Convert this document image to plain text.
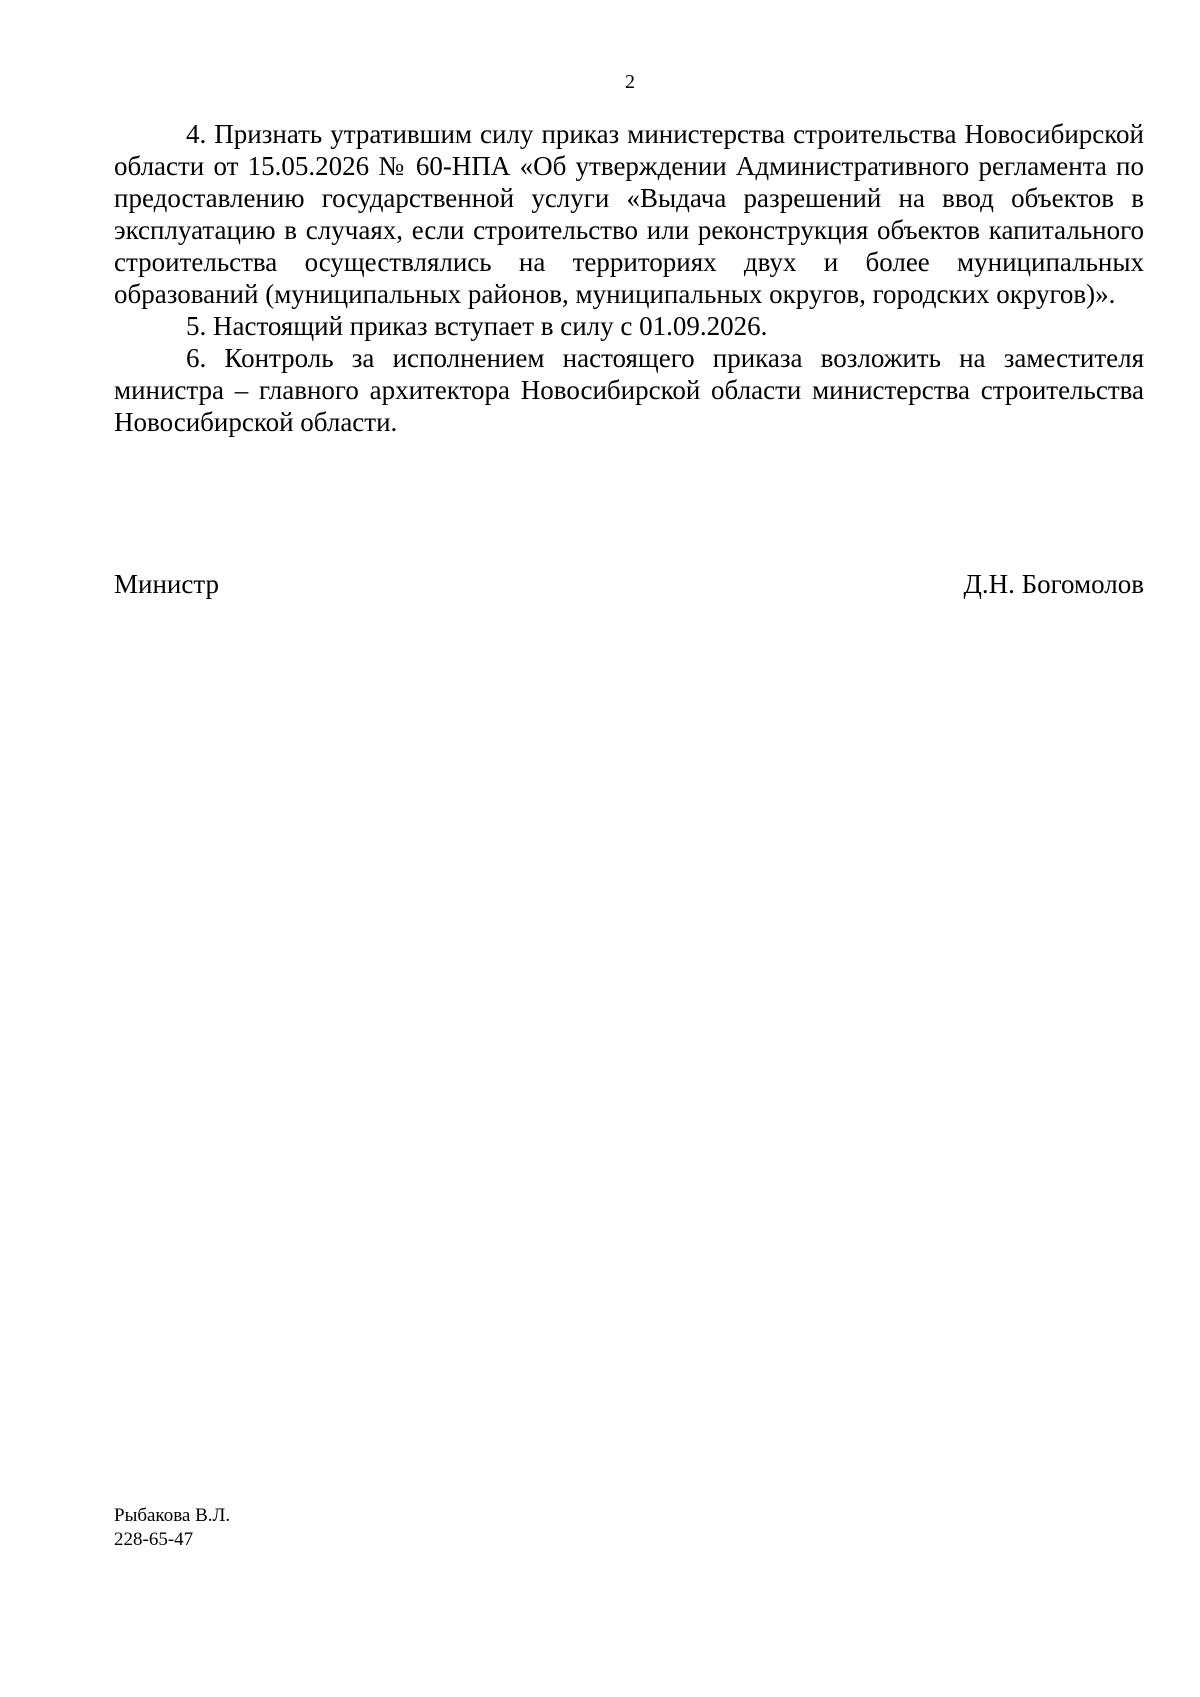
2

4. Признать утратившим силу приказ министерства строительства Новосибирской области от 15.05.2026 № 60-НПА «Об утверждении Административного регламента по предоставлению государственной услуги «Выдача разрешений на ввод объектов в эксплуатацию в случаях, если строительство или реконструкция объектов капитального строительства осуществлялись на территориях двух и более муниципальных образований (муниципальных районов, муниципальных округов, городских округов)».

5. Настоящий приказ вступает в силу с 01.09.2026.

6. Контроль за исполнением настоящего приказа возложить на заместителя министра – главного архитектора Новосибирской области министерства строительства Новосибирской области.

Министр	Д.Н. Богомолов
Рыбакова В.Л.
228-65-47
